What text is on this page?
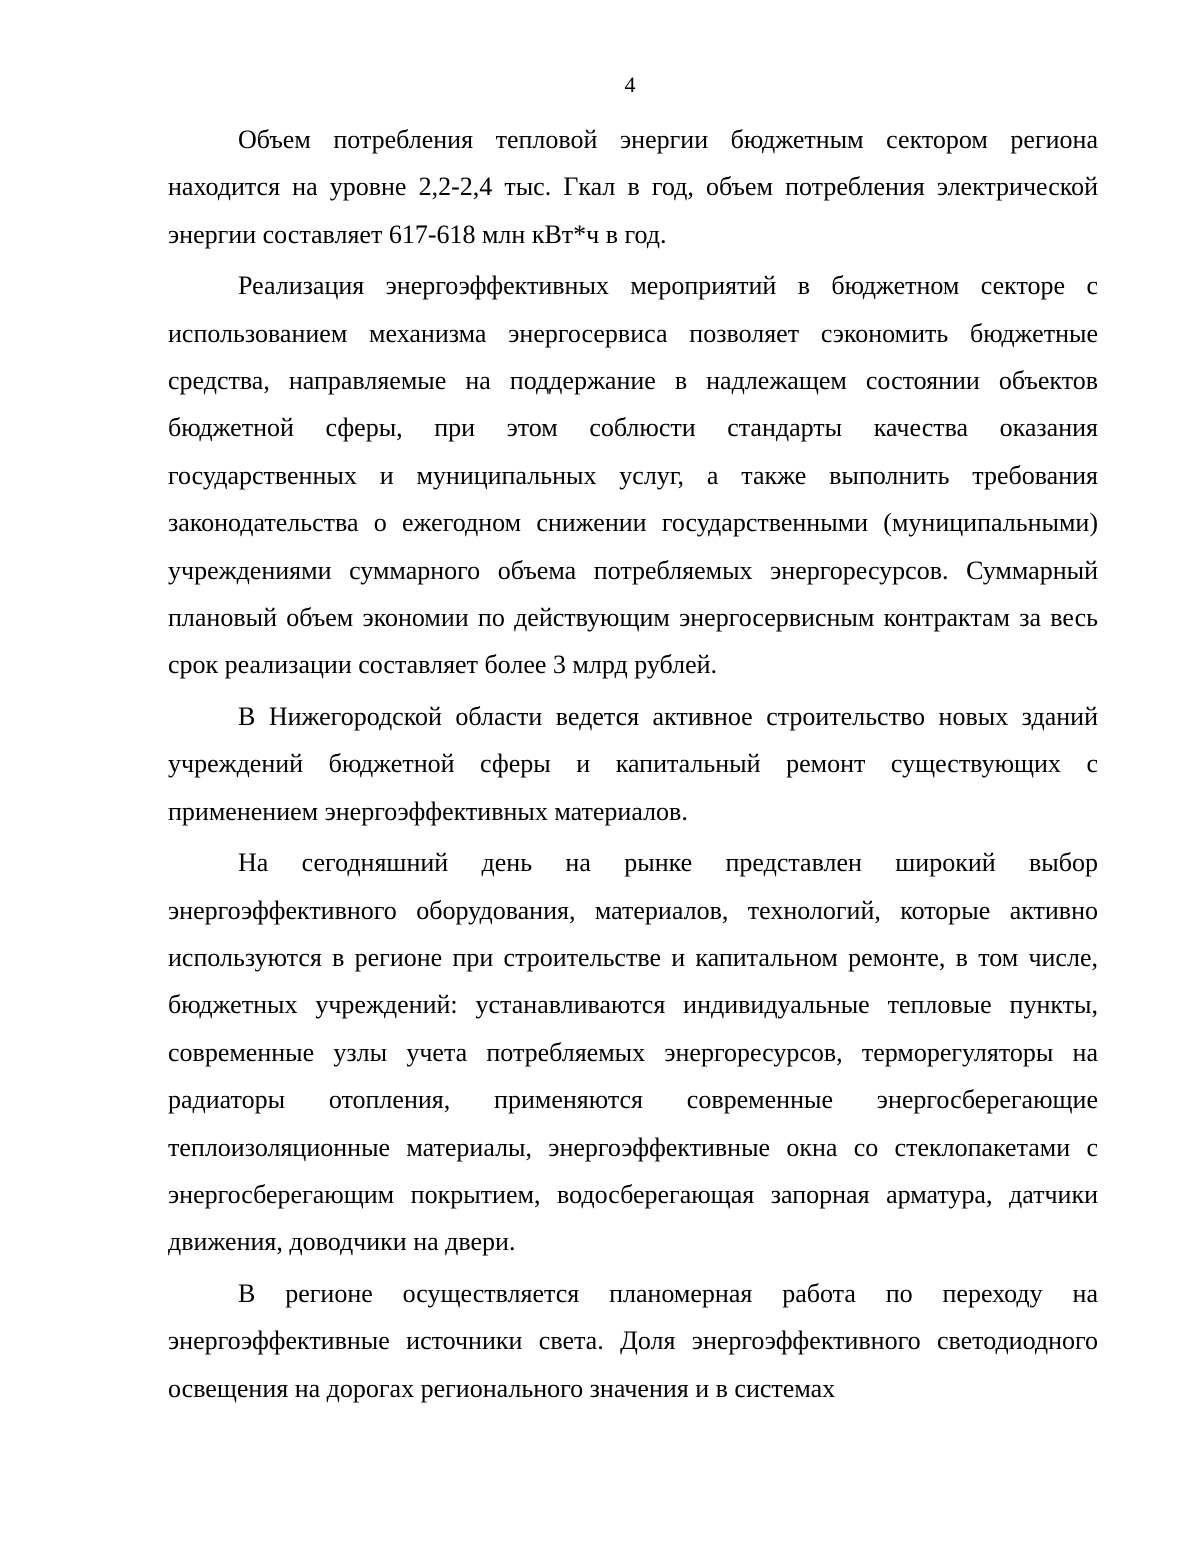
4

Объем потребления тепловой энергии бюджетным сектором региона находится на уровне 2,2-2,4 тыс. Гкал в год, объем потребления электрической энергии составляет 617-618 млн кВт*ч в год.

Реализация энергоэффективных мероприятий в бюджетном секторе с использованием механизма энергосервиса позволяет сэкономить бюджетные средства, направляемые на поддержание в надлежащем состоянии объектов бюджетной сферы, при этом соблюсти стандарты качества оказания государственных и муниципальных услуг, а также выполнить требования законодательства о ежегодном снижении государственными (муниципальными) учреждениями суммарного объема потребляемых энергоресурсов. Суммарный плановый объем экономии по действующим энергосервисным контрактам за весь срок реализации составляет более 3 млрд рублей.

В Нижегородской области ведется активное строительство новых зданий учреждений бюджетной сферы и капитальный ремонт существующих с применением энергоэффективных материалов.

На сегодняшний день на рынке представлен широкий выбор энергоэффективного оборудования, материалов, технологий, которые активно используются в регионе при строительстве и капитальном ремонте, в том числе, бюджетных учреждений: устанавливаются индивидуальные тепловые пункты, современные узлы учета потребляемых энергоресурсов, терморегуляторы на радиаторы отопления, применяются современные энергосберегающие теплоизоляционные материалы, энергоэффективные окна со стеклопакетами с энергосберегающим покрытием, водосберегающая запорная арматура, датчики движения, доводчики на двери.

В регионе осуществляется планомерная работа по переходу на энергоэффективные источники света. Доля энергоэффективного светодиодного освещения на дорогах регионального значения и в системах
